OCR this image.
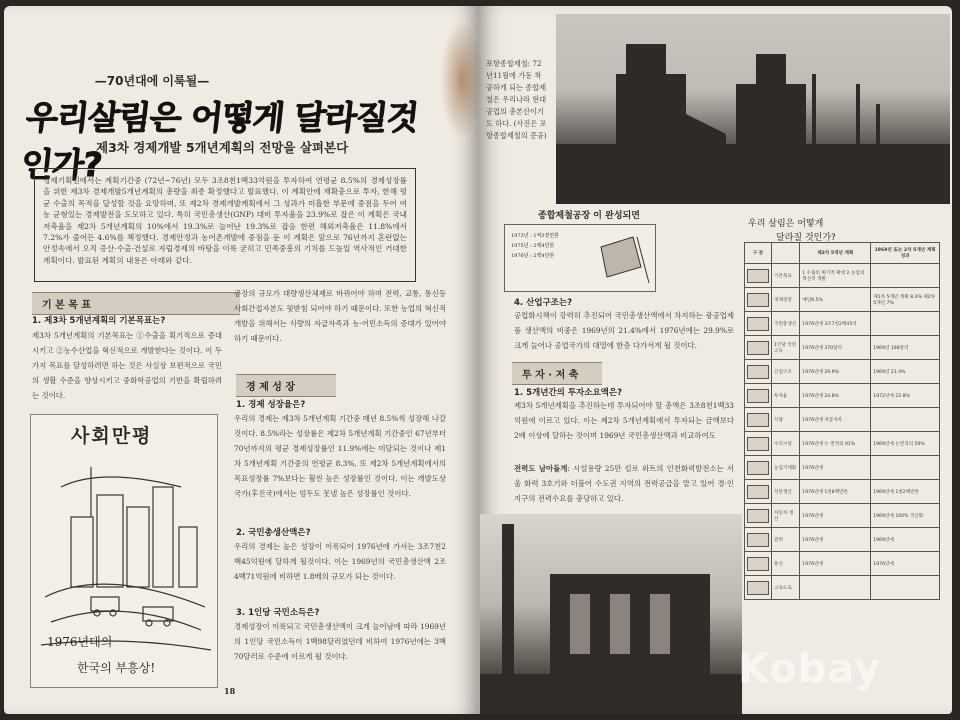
—70년대에 이룩될—
우리살림은 어떻게 달라질것인가?
제3차 경제개발 5개년계획의 전망을 살펴본다
경제기획원에서는 계획기간중 (72년~76년) 모두 3조8천1백33억원을 투자하여 연평균 8.5%의 경제성장률을 위한 제3차 경제개발5개년계획의 총량을 최종 확정했다고 발표했다. 이 계획안에 재확충으로 투자, 한해 평균 수출의 목적을 달성할 것을 요망하며, 또 제2차 경제개발계획에서 그 성과가 미흡한 부문에 중점을 두어 여농 균형있는 경제발전을 도모하고 있다. 특히 국민총생산(GNP) 대비 투자율을 23.9%로 잡은 이 계획은 국내저축율을 제2차 5개년계획의 10%에서 19.3%로 늘어난 19.3%로 잡음 한편 해외저축율은 11.8%에서 7.2%가 줄어든 4.6%를 책정했다. 경제안정과 농어촌개발에 중점을 둔 이 계획은 앞으로 76년까지 혼란없는 안정속에서 오직 증산·수출·건설로 자립경제의 바탕을 이룩 굳히고 민족중흥의 기치를 드높일 역사적인 거대한 계획이다. 발표된 계획의 내용은 아래와 같다.
기 본 목 표
1. 제3차 5개년계획의 기본목표는?
제3차 5개년계획의 기본목표는 ①수출을 획기적으로 증대시키고 ②농수산업을 혁신적으로 개발한다는 것이다. 이 두가지 목표를 달성하려면 하는 것은 사실상 보편적으로 국민의 생활 수준을 향상시키고 중화학공업의 기반을 확립하려는 것이다.
사회만평
1976년대의
한국의 부흥상!
공장의 규모가 대량생산체제로 바뀌어야 하며 전력, 교통, 통신등 사회간접자본도 뒷받침 되어야 하기 때문이다. 또한 농업의 혁신적 개발을 위해서는 식량의 자급자족과 농·어민소득의 증대가 있어야 하기 때문이다.
경 제 성 장
1. 경제 성장율은?
우리의 경제는 제3차 5개년계획 기간중 매년 8.5%씩 성장해 나갈것이다. 8.5%라는 성장률은 제2차 5개년계획 기간중인 67년부터 70년까지의 평균 경제성장률인 11.9%에는 미달되는 것이나 제1차 5개년계획 기간중의 연평균 8.3%, 또 제2차 5개년계획에서의 목표성장률 7%보다는 훨씬 높은 성장률인 것이다. 이는 개발도상국가(후진국)에서는 엄두도 못낼 높은 성장률인 것이다.
2. 국민총생산액은?
우리의 경제는 높은 성장이 이룩되어 1976년에 가서는 3조7천2백45억원에 달하게 될것이다. 이는 1969년의 국민총생산액 2조 4백71억원에 비하면 1.8배의 규모가 되는 것이다.
3. 1인당 국민소득은?
경제성장이 이룩되고 국민총생산액이 크게 늘어남에 따라 1969년의 1인당 국민소득이 1백98달러였던데 비하여 1976년에는 3백70달러로 수준에 이르게 될 것이다.
18
포항종합제철: 72년11월에 가동 착공하게 되는 종합제철은 우리나라 현대공업의 총본산이기도 하다. (사진은 포항종합제철의 준공)
종합제철공장 이 완성되면
1973년 : 1억3천만톤
1975년 : 2백4만톤
1976년 : 2백4만톤
4. 산업구조는?
공업화시책이 강력히 추진되어 국민총생산액에서 차지하는 광공업제품 생산액의 비중은 1969년의 21.4%에서 1976년에는 29.9%로 크게 늘어나 공업국가의 대열에 한층 다가서게 될 것이다.
투 자 · 저 축
1. 5개년간의 투자소요액은?
제3차 5개년계획을 추진하는데 투자되어야 할 총액은 3조8천1백33억원에 이르고 있다. 이는 제2차 5개년계획에서 투자되는 금액보다 2배 이상에 달하는 것이며 1969년 국민총생산액과 비교하여도
전력도 남아돌게: 시설용량 25만 킬로 와트의 인천화력발전소는 서울 화력 3호기와 더불어 수도권 지역의 전력공급을 맡고 있어 경·인지구의 전력수요를 충당하고 있다.
우리 살림은 어떻게
달라질 것인가?
구 분		제3차 5개년 계획	1969년 또는 2차 5개년 계획성과
	기본목표	1 수출의 획기적 확대 2 농업의 혁신적 개발	
	경제성장	매년8.5%	제1차 5개년 계획 8.3% 제2차 5개년 7%
	국민총생산	1976년에 3조7천2백45억	
	1인당 국민소득	1976년에 370달러	1969년 198달러
	산업구조	1976년에 29.9%	1969년 21.4%
	투자율	1976년에 24.8%	1972년에 22.8%
	식량	1976년에 자급자족	
	수리시설	1976년에 논 면적의 91%	1969년에 논면적의 50%
	농업기계화	1976년에	
	석탄생산	1976년에 1천8백만톤	1969년에 1천2백만톤
	자동차 생산	1976년에	1969년에 100% 국산화
	전력	1976년에	1969년에
	통신	1976년에	1976년에
	고속도로		
Kobay
